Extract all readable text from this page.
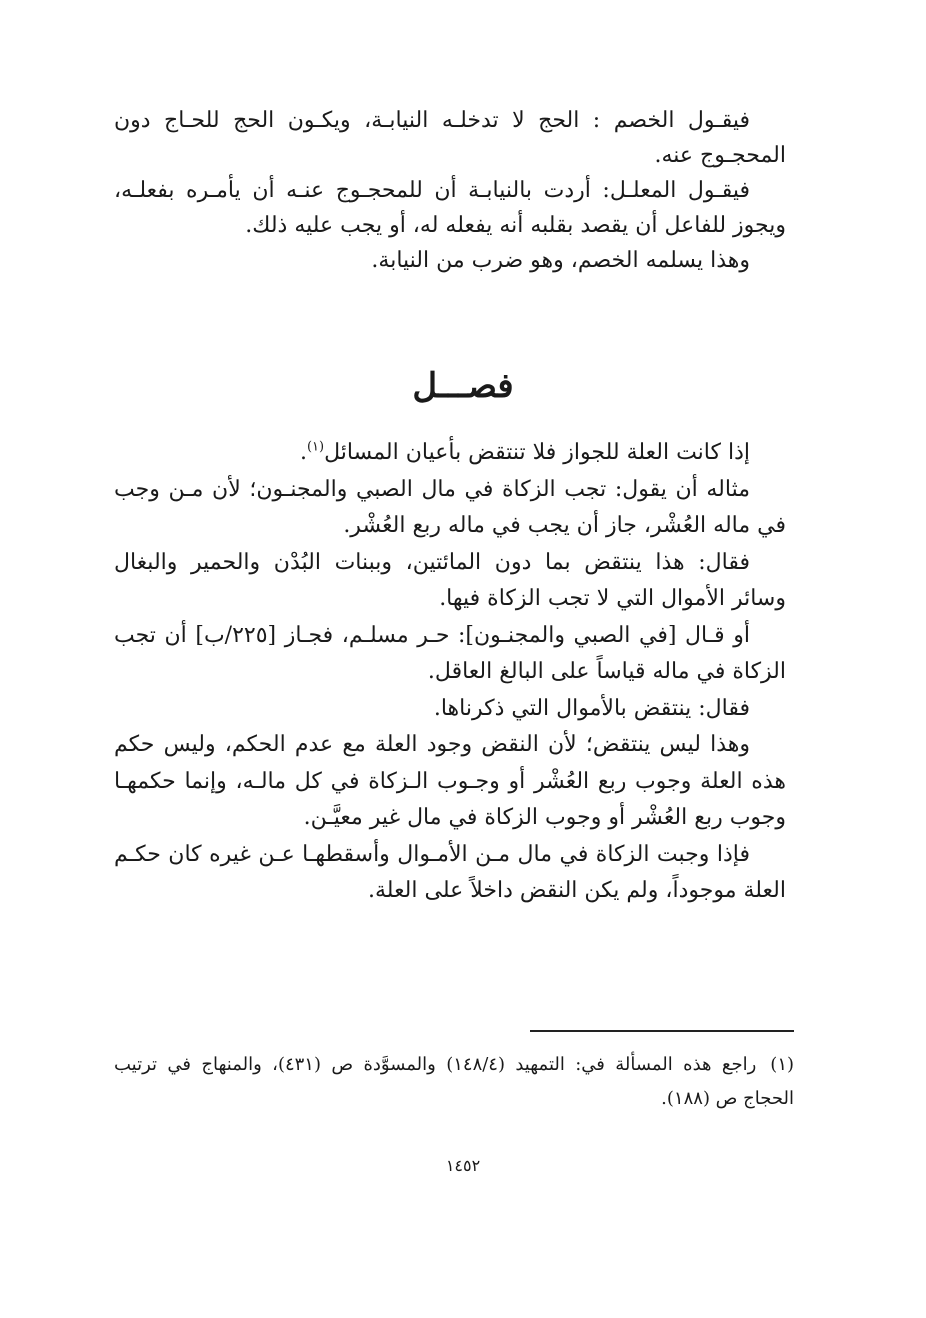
فيقـول الخصم : الحج لا تدخلـه النيابـة، ويكـون الحج للحـاج دون المحجـوج عنه.

فيقـول المعلـل: أردت بالنيابـة أن للمحجـوج عنـه أن يأمـره بفعلـه، ويجوز للفاعل أن يقصد بقلبه أنه يفعله له، أو يجب عليه ذلك.

وهذا يسلمه الخصم، وهو ضرب من النيابة.

فصـــل

إذا كانت العلة للجواز فلا تنتقض بأعيان المسائل$^{(١)}$.

مثاله أن يقول: تجب الزكاة في مال الصبي والمجنـون؛ لأن مـن وجب في ماله العُشْر، جاز أن يجب في ماله ربع العُشْر.

فقال: هذا ينتقض بما دون المائتين، وببنات البُدْن والحمير والبغال وسائر الأموال التي لا تجب الزكاة فيها.

أو قـال [في الصبي والمجنـون]: حـر مسلـم، فجـاز [٢٢٥/ب] أن تجب الزكاة في ماله قياساً على البالغ العاقل.

فقال: ينتقض بالأموال التي ذكرناها.

وهذا ليس ينتقض؛ لأن النقض وجود العلة مع عدم الحكم، وليس حكم هذه العلة وجوب ربع العُشْر أو وجـوب الـزكاة في كل مالـه، وإنما حكمهـا وجوب ربع العُشْر أو وجوب الزكاة في مال غير معيَّـن.

فإذا وجبت الزكاة في مال مـن الأمـوال وأسقطهـا عـن غيره كان حكـم العلة موجوداً، ولم يكن النقض داخلاً على العلة.

(١)راجع هذه المسألة في: التمهيد (١٤٨/٤) والمسوَّدة ص (٤٣١)، والمنهاج في ترتيب الحجاج ص (١٨٨).
١٤٥٢
